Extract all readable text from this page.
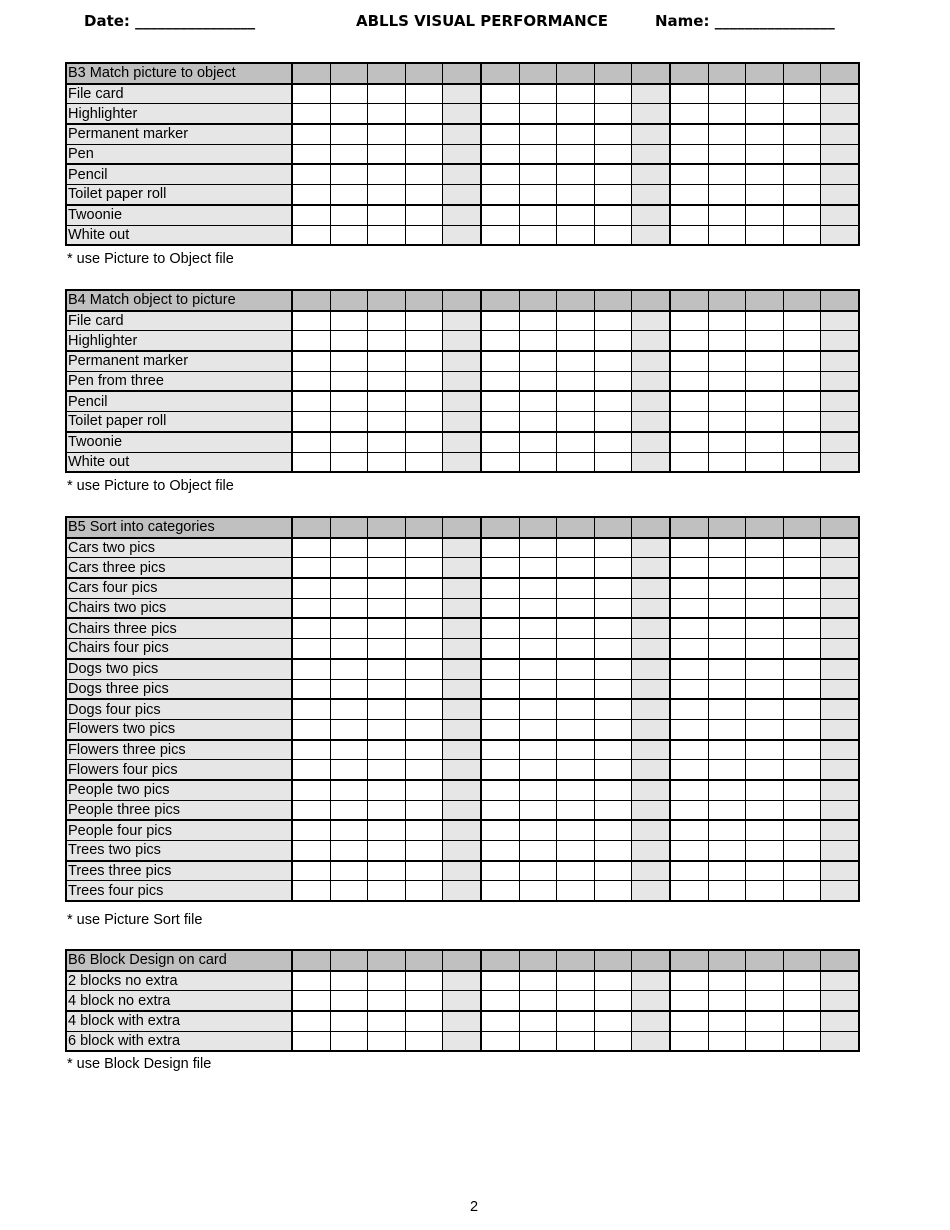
Date: ________________	ABLLS VISUAL PERFORMANCE	Name: ________________
B3 Match picture to object															
File card															
Highlighter															
Permanent marker															
Pen															
Pencil															
Toilet paper roll															
Twoonie															
White out															
* use Picture to Object file
B4 Match object to picture															
File card															
Highlighter															
Permanent marker															
Pen from three															
Pencil															
Toilet paper roll															
Twoonie															
White out															
* use Picture to Object file
B5 Sort into categories															
Cars two pics															
Cars three pics															
Cars four pics															
Chairs two pics															
Chairs three pics															
Chairs four pics															
Dogs two pics															
Dogs three pics															
Dogs four pics															
Flowers two pics															
Flowers three pics															
Flowers four pics															
People two pics															
People three pics															
People four pics															
Trees two pics															
Trees three pics															
Trees four pics															
* use Picture Sort file
B6 Block Design on card															
2 blocks no extra															
4 block no extra															
4 block with extra															
6 block with extra															
* use Block Design file
2
